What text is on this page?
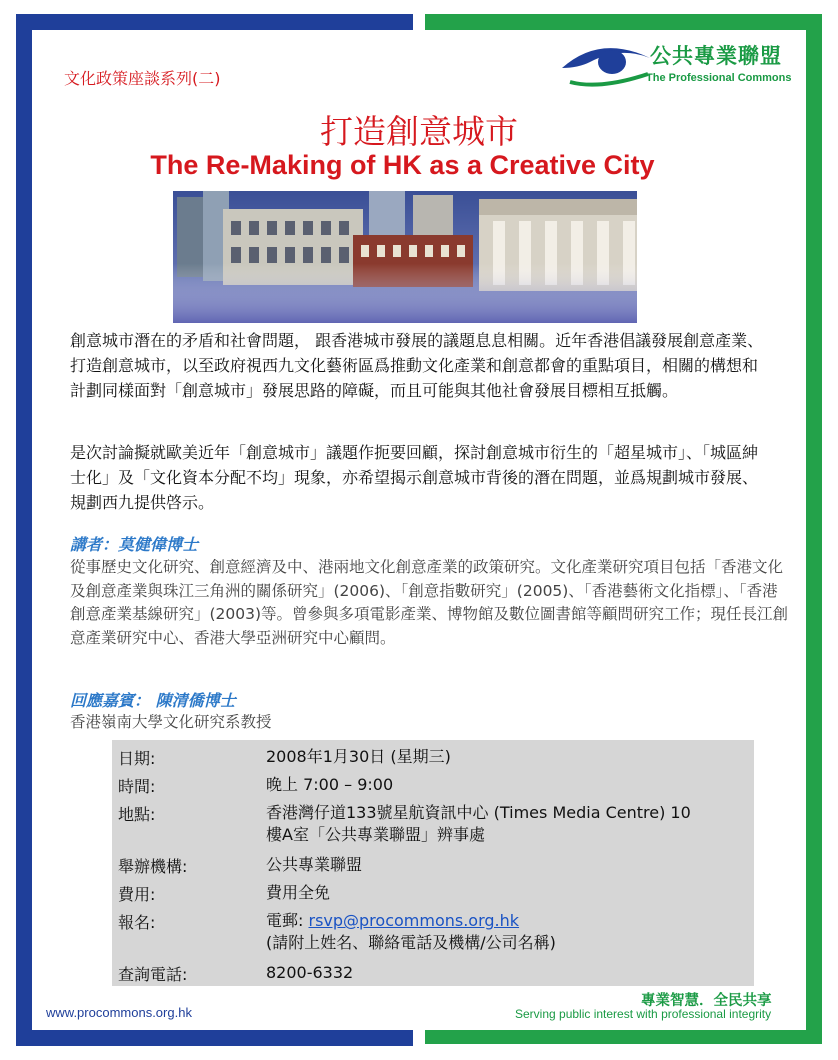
文化政策座談系列(二)
公共專業聯盟
The Professional Commons
打造創意城市
The Re-Making of HK as a Creative City
創意城市潛在的矛盾和社會問題， 跟香港城市發展的議題息息相關。近年香港倡議發展創意產業、打造創意城市，以至政府視西九文化藝術區爲推動文化產業和創意都會的重點項目，相關的構想和計劃同樣面對「創意城市」發展思路的障礙，而且可能與其他社會發展目標相互抵觸。
是次討論擬就歐美近年「創意城市」議題作扼要回顧，探討創意城市衍生的「超星城市」、「城區紳士化」及「文化資本分配不均」現象，亦希望揭示創意城市背後的潛在問題，並爲規劃城市發展、規劃西九提供啓示。
講者：莫健偉博士
從事歷史文化研究、創意經濟及中、港兩地文化創意產業的政策研究。文化產業研究項目包括「香港文化及創意產業與珠江三角洲的關係研究」(2006)、「創意指數研究」(2005)、「香港藝術文化指標」、「香港創意產業基線研究」(2003)等。曾參與多項電影產業、博物館及數位圖書館等顧問研究工作；現任長江創意產業研究中心、香港大學亞洲研究中心顧問。
回應嘉賓： 陳清僑博士
香港嶺南大學文化研究系教授
日期:	2008年1月30日 (星期三)
時間:	晚上 7:00 – 9:00
地點:	香港灣仔道133號星航資訊中心 (Times Media Centre) 10
樓A室「公共專業聯盟」辨事處
舉辦機構:	公共專業聯盟
費用:	費用全免
報名:	電郵: rsvp@procommons.org.hk
(請附上姓名、聯絡電話及機構/公司名稱)
查詢電話:	8200-6332
www.procommons.org.hk
專業智慧．全民共享
Serving public interest with professional integrity
